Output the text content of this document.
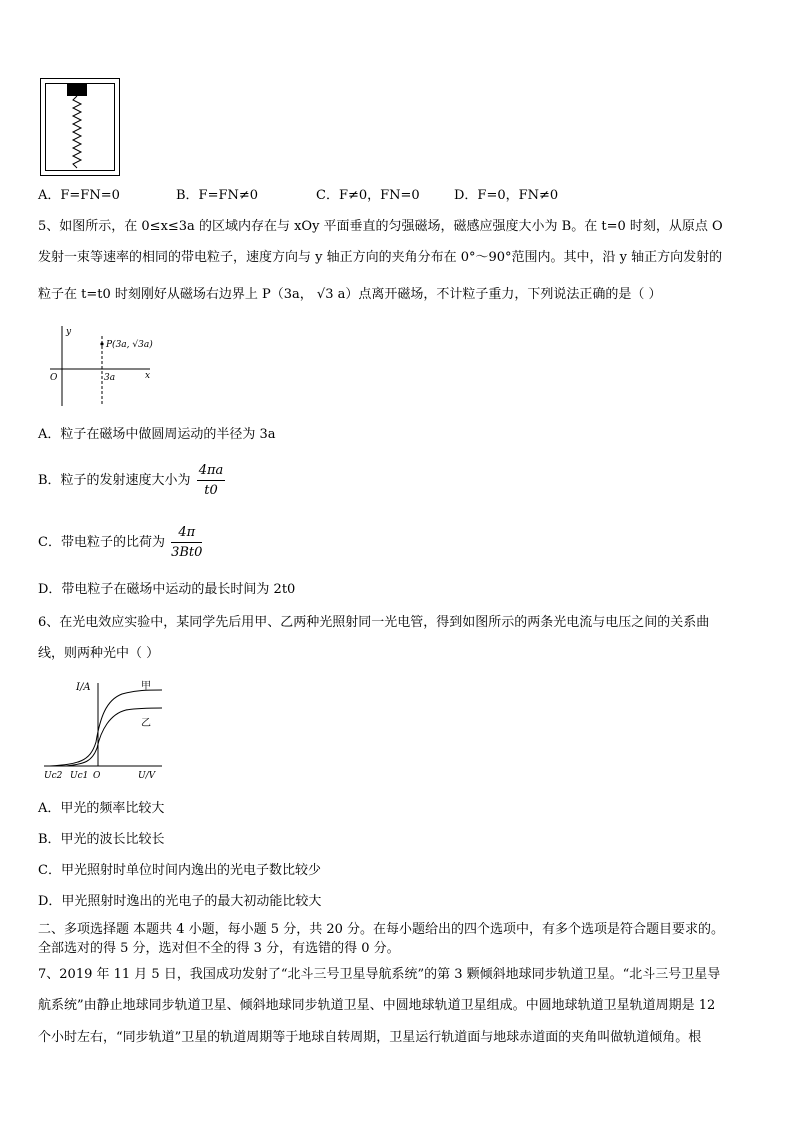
A．F=FN=0	B．F=FN≠0	C．F≠0，FN=0	D．F=0，FN≠0
5、如图所示，在 0≤x≤3a 的区域内存在与 xOy 平面垂直的匀强磁场，磁感应强度大小为 B。在 t=0 时刻，从原点 O
发射一束等速率的相同的带电粒子，速度方向与 y 轴正方向的夹角分布在 0°～90°范围内。其中，沿 y 轴正方向发射的
粒子在 t=t0 时刻刚好从磁场右边界上 P（3a， √3 a）点离开磁场，不计粒子重力，下列说法正确的是（ ）
y
O	x
3a
P(3a, √3a)
A．粒子在磁场中做圆周运动的半径为 3a
B．粒子的发射速度大小为 $\frac{4\pi a}{t0}$
C．带电粒子的比荷为 $\frac{4\pi}{3Bt0}$
D．带电粒子在磁场中运动的最长时间为 2t0
6、在光电效应实验中，某同学先后用甲、乙两种光照射同一光电管，得到如图所示的两条光电流与电压之间的关系曲
线，则两种光中（ ）
I/A	甲
乙
Uc2 Uc1 O	U/V
A．甲光的频率比较大
B．甲光的波长比较长
C．甲光照射时单位时间内逸出的光电子数比较少
D．甲光照射时逸出的光电子的最大初动能比较大
二、多项选择题 本题共 4 小题，每小题 5 分，共 20 分。在每小题给出的四个选项中，有多个选项是符合题目要求的。
全部选对的得 5 分，选对但不全的得 3 分，有选错的得 0 分。
7、2019 年 11 月 5 日，我国成功发射了“北斗三号卫星导航系统”的第 3 颗倾斜地球同步轨道卫星。“北斗三号卫星导
航系统”由静止地球同步轨道卫星、倾斜地球同步轨道卫星、中圆地球轨道卫星组成。中圆地球轨道卫星轨道周期是 12
个小时左右，“同步轨道”卫星的轨道周期等于地球自转周期，卫星运行轨道面与地球赤道面的夹角叫做轨道倾角。根
